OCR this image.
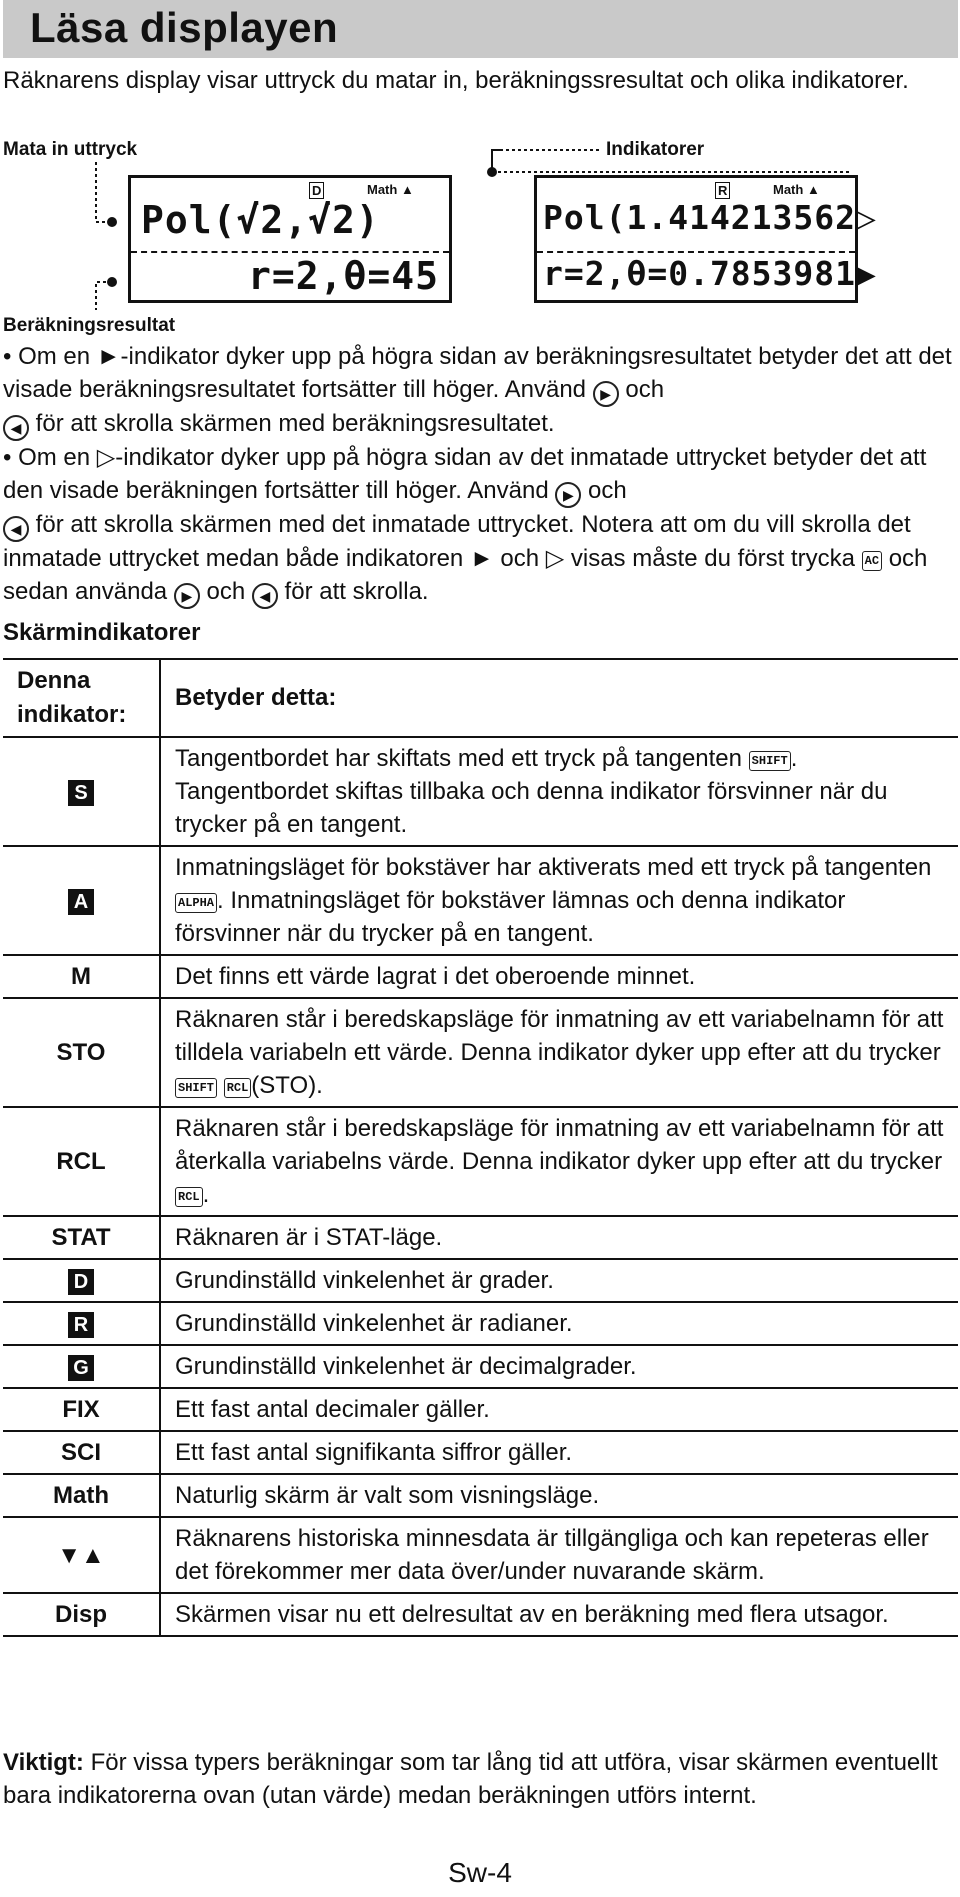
Läsa displayen
Räknarens display visar uttryck du matar in, beräkningssresultat och olika indikatorer.
Mata in uttryck	Indikatorer
Beräkningsresultat
D	Math ▲
Pol(√2,√2)
r=2,θ=45
R	Math ▲
Pol(1.414213562▷
r=2,θ=0.7853981▶
• Om en ►-indikator dyker upp på högra sidan av beräkningsresultatet betyder det att det visade beräkningsresultatet fortsätter till höger. Använd ▶ och
◀ för att skrolla skärmen med beräkningsresultatet.
• Om en ▷-indikator dyker upp på högra sidan av det inmatade uttrycket betyder det att den visade beräkningen fortsätter till höger. Använd ▶ och
◀ för att skrolla skärmen med det inmatade uttrycket. Notera att om du vill skrolla det inmatade uttrycket medan både indikatoren ► och ▷ visas måste du först trycka AC och sedan använda ▶ och ◀ för att skrolla.
Skärmindikatorer
Denna indikator:	Betyder detta:
S	Tangentbordet har skiftats med ett tryck på tangenten SHIFT . Tangentbordet skiftas tillbaka och denna indikator försvinner när du trycker på en tangent.
A	Inmatningsläget för bokstäver har aktiverats med ett tryck på tangenten ALPHA . Inmatningsläget för bokstäver lämnas och denna indikator försvinner när du trycker på en tangent.
M	Det finns ett värde lagrat i det oberoende minnet.
STO	Räknaren står i beredskapsläge för inmatning av ett variabelnamn för att tilldela variabeln ett värde. Denna indikator dyker upp efter att du trycker SHIFT RCL (STO).
RCL	Räknaren står i beredskapsläge för inmatning av ett variabelnamn för att återkalla variabelns värde. Denna indikator dyker upp efter att du trycker RCL .
STAT	Räknaren är i STAT-läge.
D	Grundinställd vinkelenhet är grader.
R	Grundinställd vinkelenhet är radianer.
G	Grundinställd vinkelenhet är decimalgrader.
FIX	Ett fast antal decimaler gäller.
SCI	Ett fast antal signifikanta siffror gäller.
Math	Naturlig skärm är valt som visningsläge.
▼▲	Räknarens historiska minnesdata är tillgängliga och kan repeteras eller det förekommer mer data över/under nuvarande skärm.
Disp	Skärmen visar nu ett delresultat av en beräkning med flera utsagor.
Viktigt: För vissa typers beräkningar som tar lång tid att utföra, visar skärmen eventuellt bara indikatorerna ovan (utan värde) medan beräkningen utförs internt.
Sw-4
